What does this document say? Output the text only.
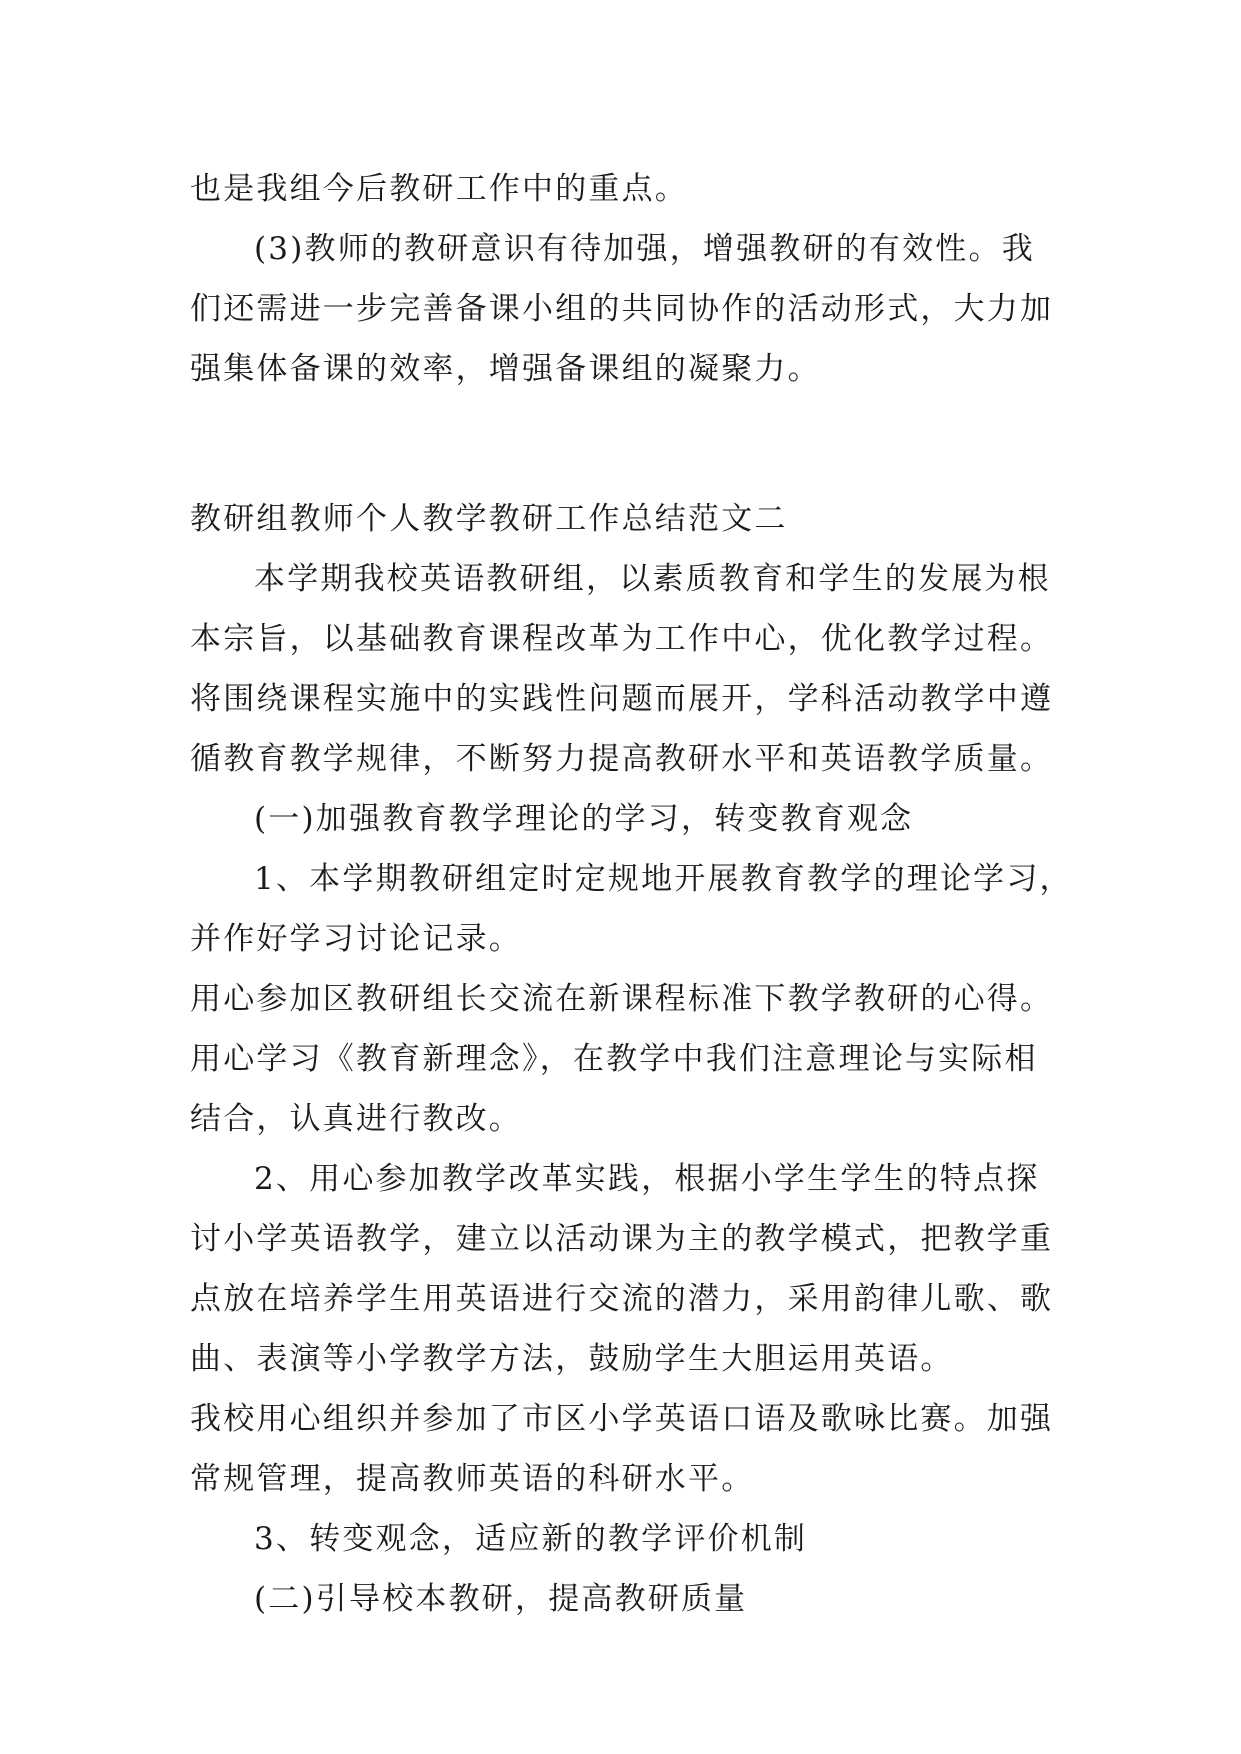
也是我组今后教研工作中的重点。
(3)教师的教研意识有待加强，增强教研的有效性。我
们还需进一步完善备课小组的共同协作的活动形式，大力加
强集体备课的效率，增强备课组的凝聚力。
教研组教师个人教学教研工作总结范文二
本学期我校英语教研组，以素质教育和学生的发展为根
本宗旨，以基础教育课程改革为工作中心，优化教学过程。
将围绕课程实施中的实践性问题而展开，学科活动教学中遵
循教育教学规律，不断努力提高教研水平和英语教学质量。
(一)加强教育教学理论的学习，转变教育观念
1、本学期教研组定时定规地开展教育教学的理论学习，
并作好学习讨论记录。
用心参加区教研组长交流在新课程标准下教学教研的心得。
用心学习《教育新理念》，在教学中我们注意理论与实际相
结合，认真进行教改。
2、用心参加教学改革实践，根据小学生学生的特点探
讨小学英语教学，建立以活动课为主的教学模式，把教学重
点放在培养学生用英语进行交流的潜力，采用韵律儿歌、歌
曲、表演等小学教学方法，鼓励学生大胆运用英语。
我校用心组织并参加了市区小学英语口语及歌咏比赛。加强
常规管理，提高教师英语的科研水平。
3、转变观念，适应新的教学评价机制
(二)引导校本教研，提高教研质量
